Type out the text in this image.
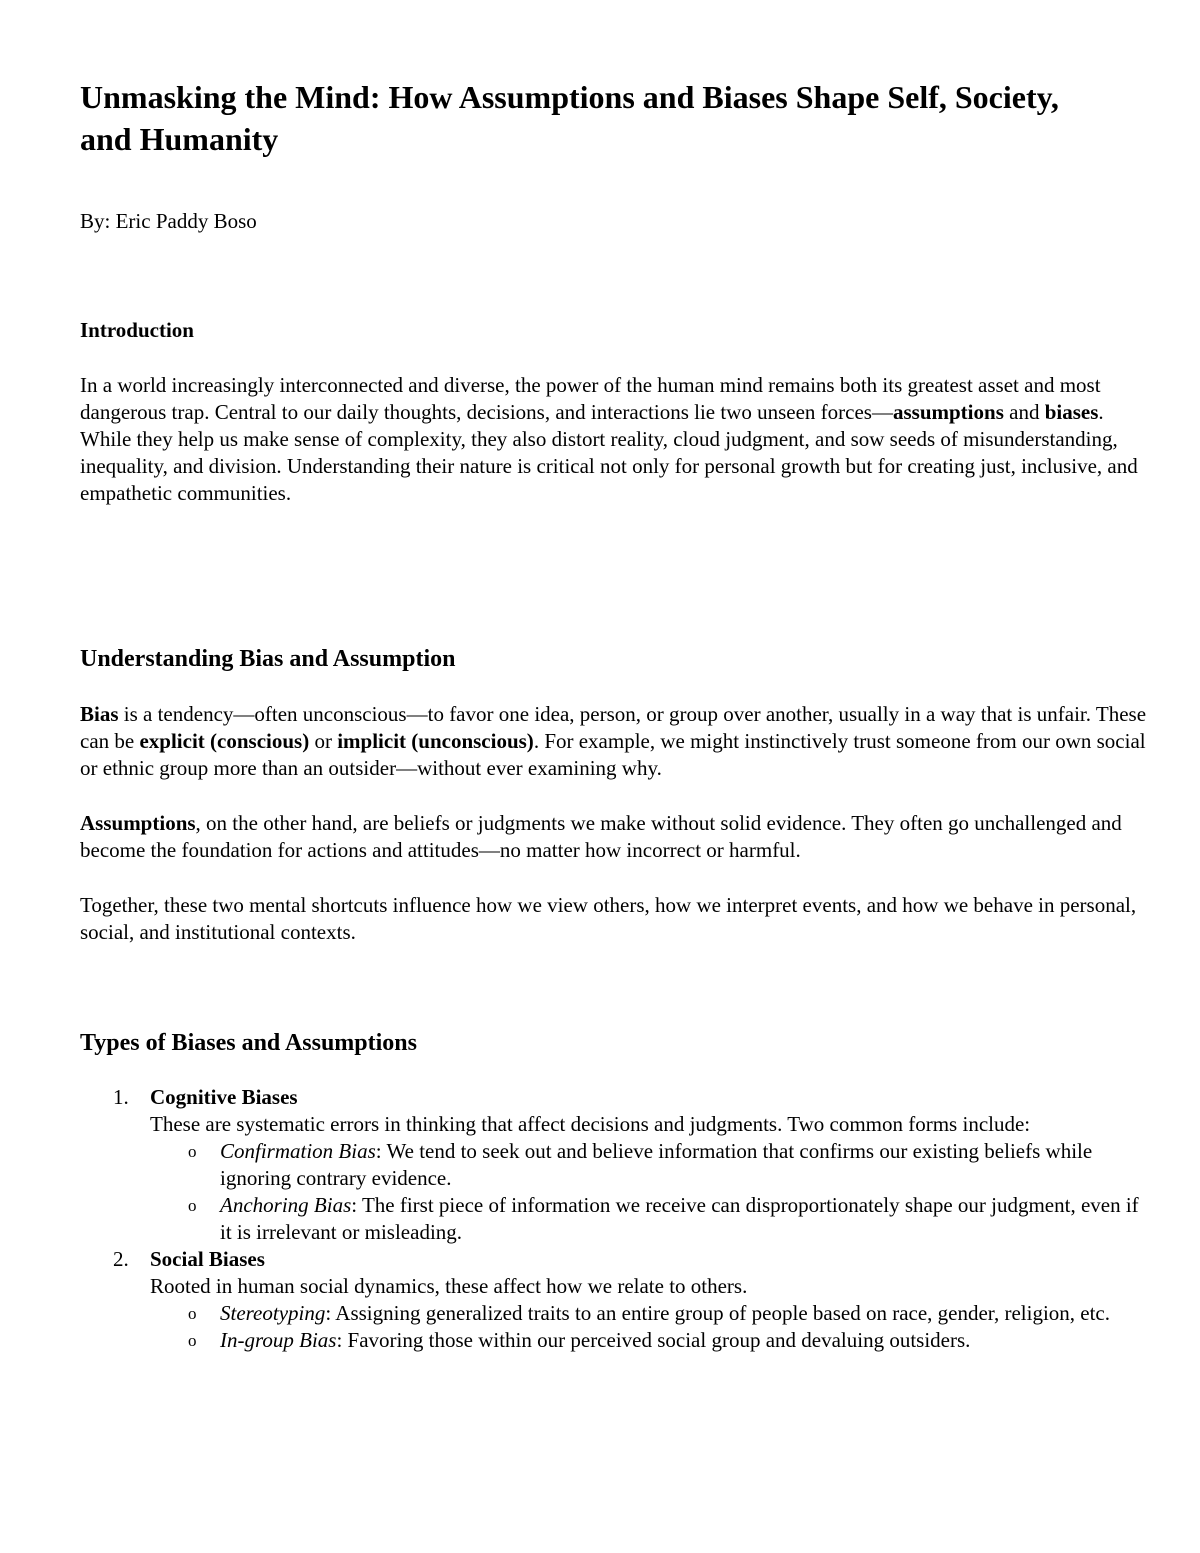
Unmasking the Mind: How Assumptions and Biases Shape Self, Society, and Humanity

By: Eric Paddy Boso

Introduction

In a world increasingly interconnected and diverse, the power of the human mind remains both its greatest asset and most dangerous trap. Central to our daily thoughts, decisions, and interactions lie two unseen forces—assumptions and biases. While they help us make sense of complexity, they also distort reality, cloud judgment, and sow seeds of misunderstanding, inequality, and division. Understanding their nature is critical not only for personal growth but for creating just, inclusive, and empathetic communities.

Understanding Bias and Assumption

Bias is a tendency—often unconscious—to favor one idea, person, or group over another, usually in a way that is unfair. These can be explicit (conscious) or implicit (unconscious). For example, we might instinctively trust someone from our own social or ethnic group more than an outsider—without ever examining why.

Assumptions, on the other hand, are beliefs or judgments we make without solid evidence. They often go unchallenged and become the foundation for actions and attitudes—no matter how incorrect or harmful.

Together, these two mental shortcuts influence how we view others, how we interpret events, and how we behave in personal, social, and institutional contexts.

Types of Biases and Assumptions
1. Cognitive Biases
These are systematic errors in thinking that affect decisions and judgments. Two common forms include:
o Confirmation Bias: We tend to seek out and believe information that confirms our existing beliefs while ignoring contrary evidence.
o Anchoring Bias: The first piece of information we receive can disproportionately shape our judgment, even if it is irrelevant or misleading.
2. Social Biases
Rooted in human social dynamics, these affect how we relate to others.
o Stereotyping: Assigning generalized traits to an entire group of people based on race, gender, religion, etc.
o In-group Bias: Favoring those within our perceived social group and devaluing outsiders.
